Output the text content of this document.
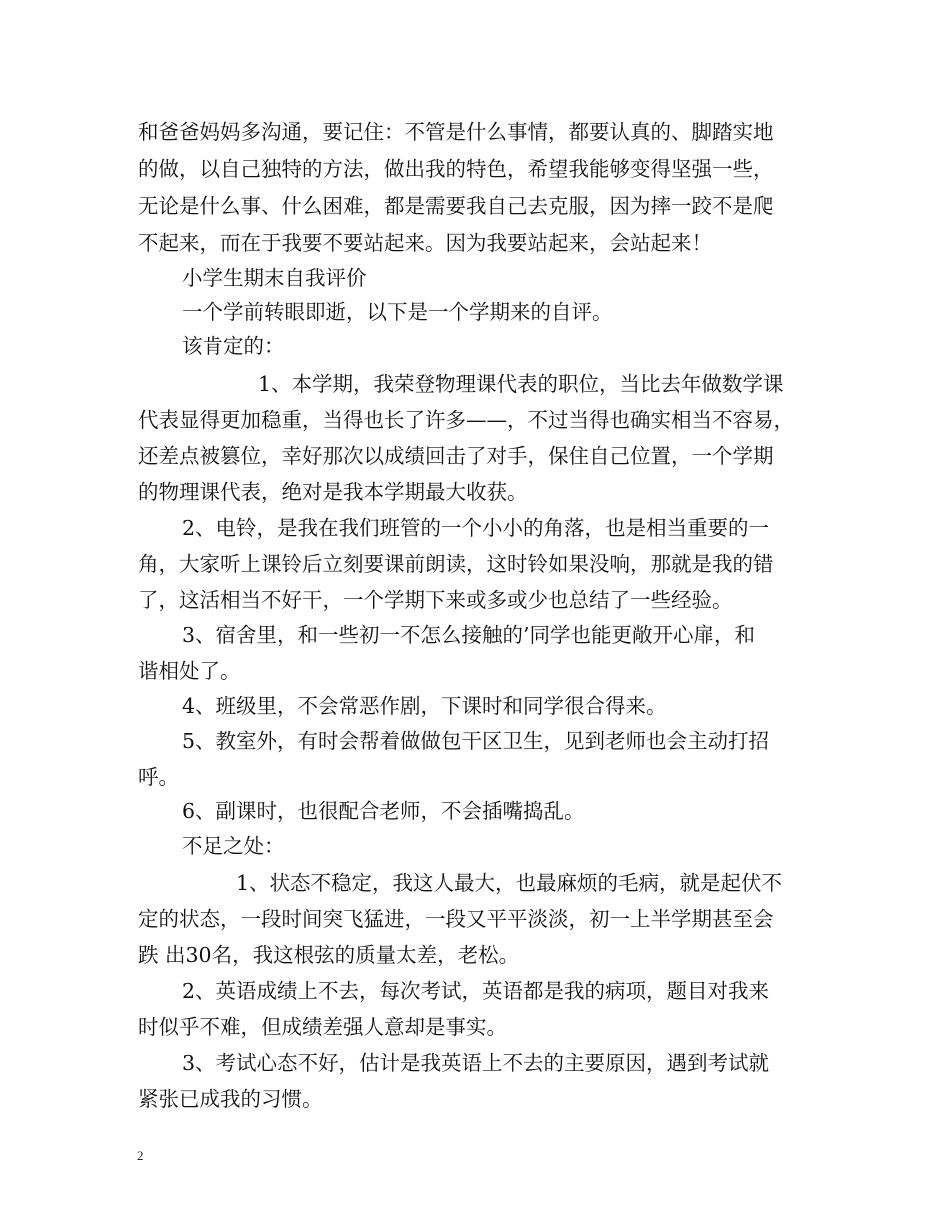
和爸爸妈妈多沟通，要记住：不管是什么事情，都要认真的、脚踏实地
的做，以自己独特的方法，做出我的特色，希望我能够变得坚强一些，
无论是什么事、什么困难，都是需要我自己去克服，因为摔一跤不是爬
不起来，而在于我要不要站起来。因为我要站起来，会站起来！
小学生期末自我评价
一个学前转眼即逝，以下是一个学期来的自评。
该肯定的：
1、本学期，我荣登物理课代表的职位，当比去年做数学课
代表显得更加稳重，当得也长了许多——，不过当得也确实相当不容易，
还差点被篡位，幸好那次以成绩回击了对手，保住自己位置，一个学期
的物理课代表，绝对是我本学期最大收获。
2、电铃，是我在我们班管的一个小小的角落，也是相当重要的一
角，大家听上课铃后立刻要课前朗读，这时铃如果没响，那就是我的错
了，这活相当不好干，一个学期下来或多或少也总结了一些经验。
3、宿舍里，和一些初一不怎么接触的’同学也能更敞开心扉，和
谐相处了。
4、班级里，不会常恶作剧，下课时和同学很合得来。
5、教室外，有时会帮着做做包干区卫生，见到老师也会主动打招
呼。
6、副课时，也很配合老师，不会插嘴捣乱。
不足之处：
1、状态不稳定，我这人最大，也最麻烦的毛病，就是起伏不
定的状态，一段时间突飞猛进，一段又平平淡淡，初一上半学期甚至会
跌 出30名，我这根弦的质量太差，老松。
2、英语成绩上不去，每次考试，英语都是我的病项，题目对我来
时似乎不难，但成绩差强人意却是事实。
3、考试心态不好，估计是我英语上不去的主要原因，遇到考试就
紧张已成我的习惯。
2
